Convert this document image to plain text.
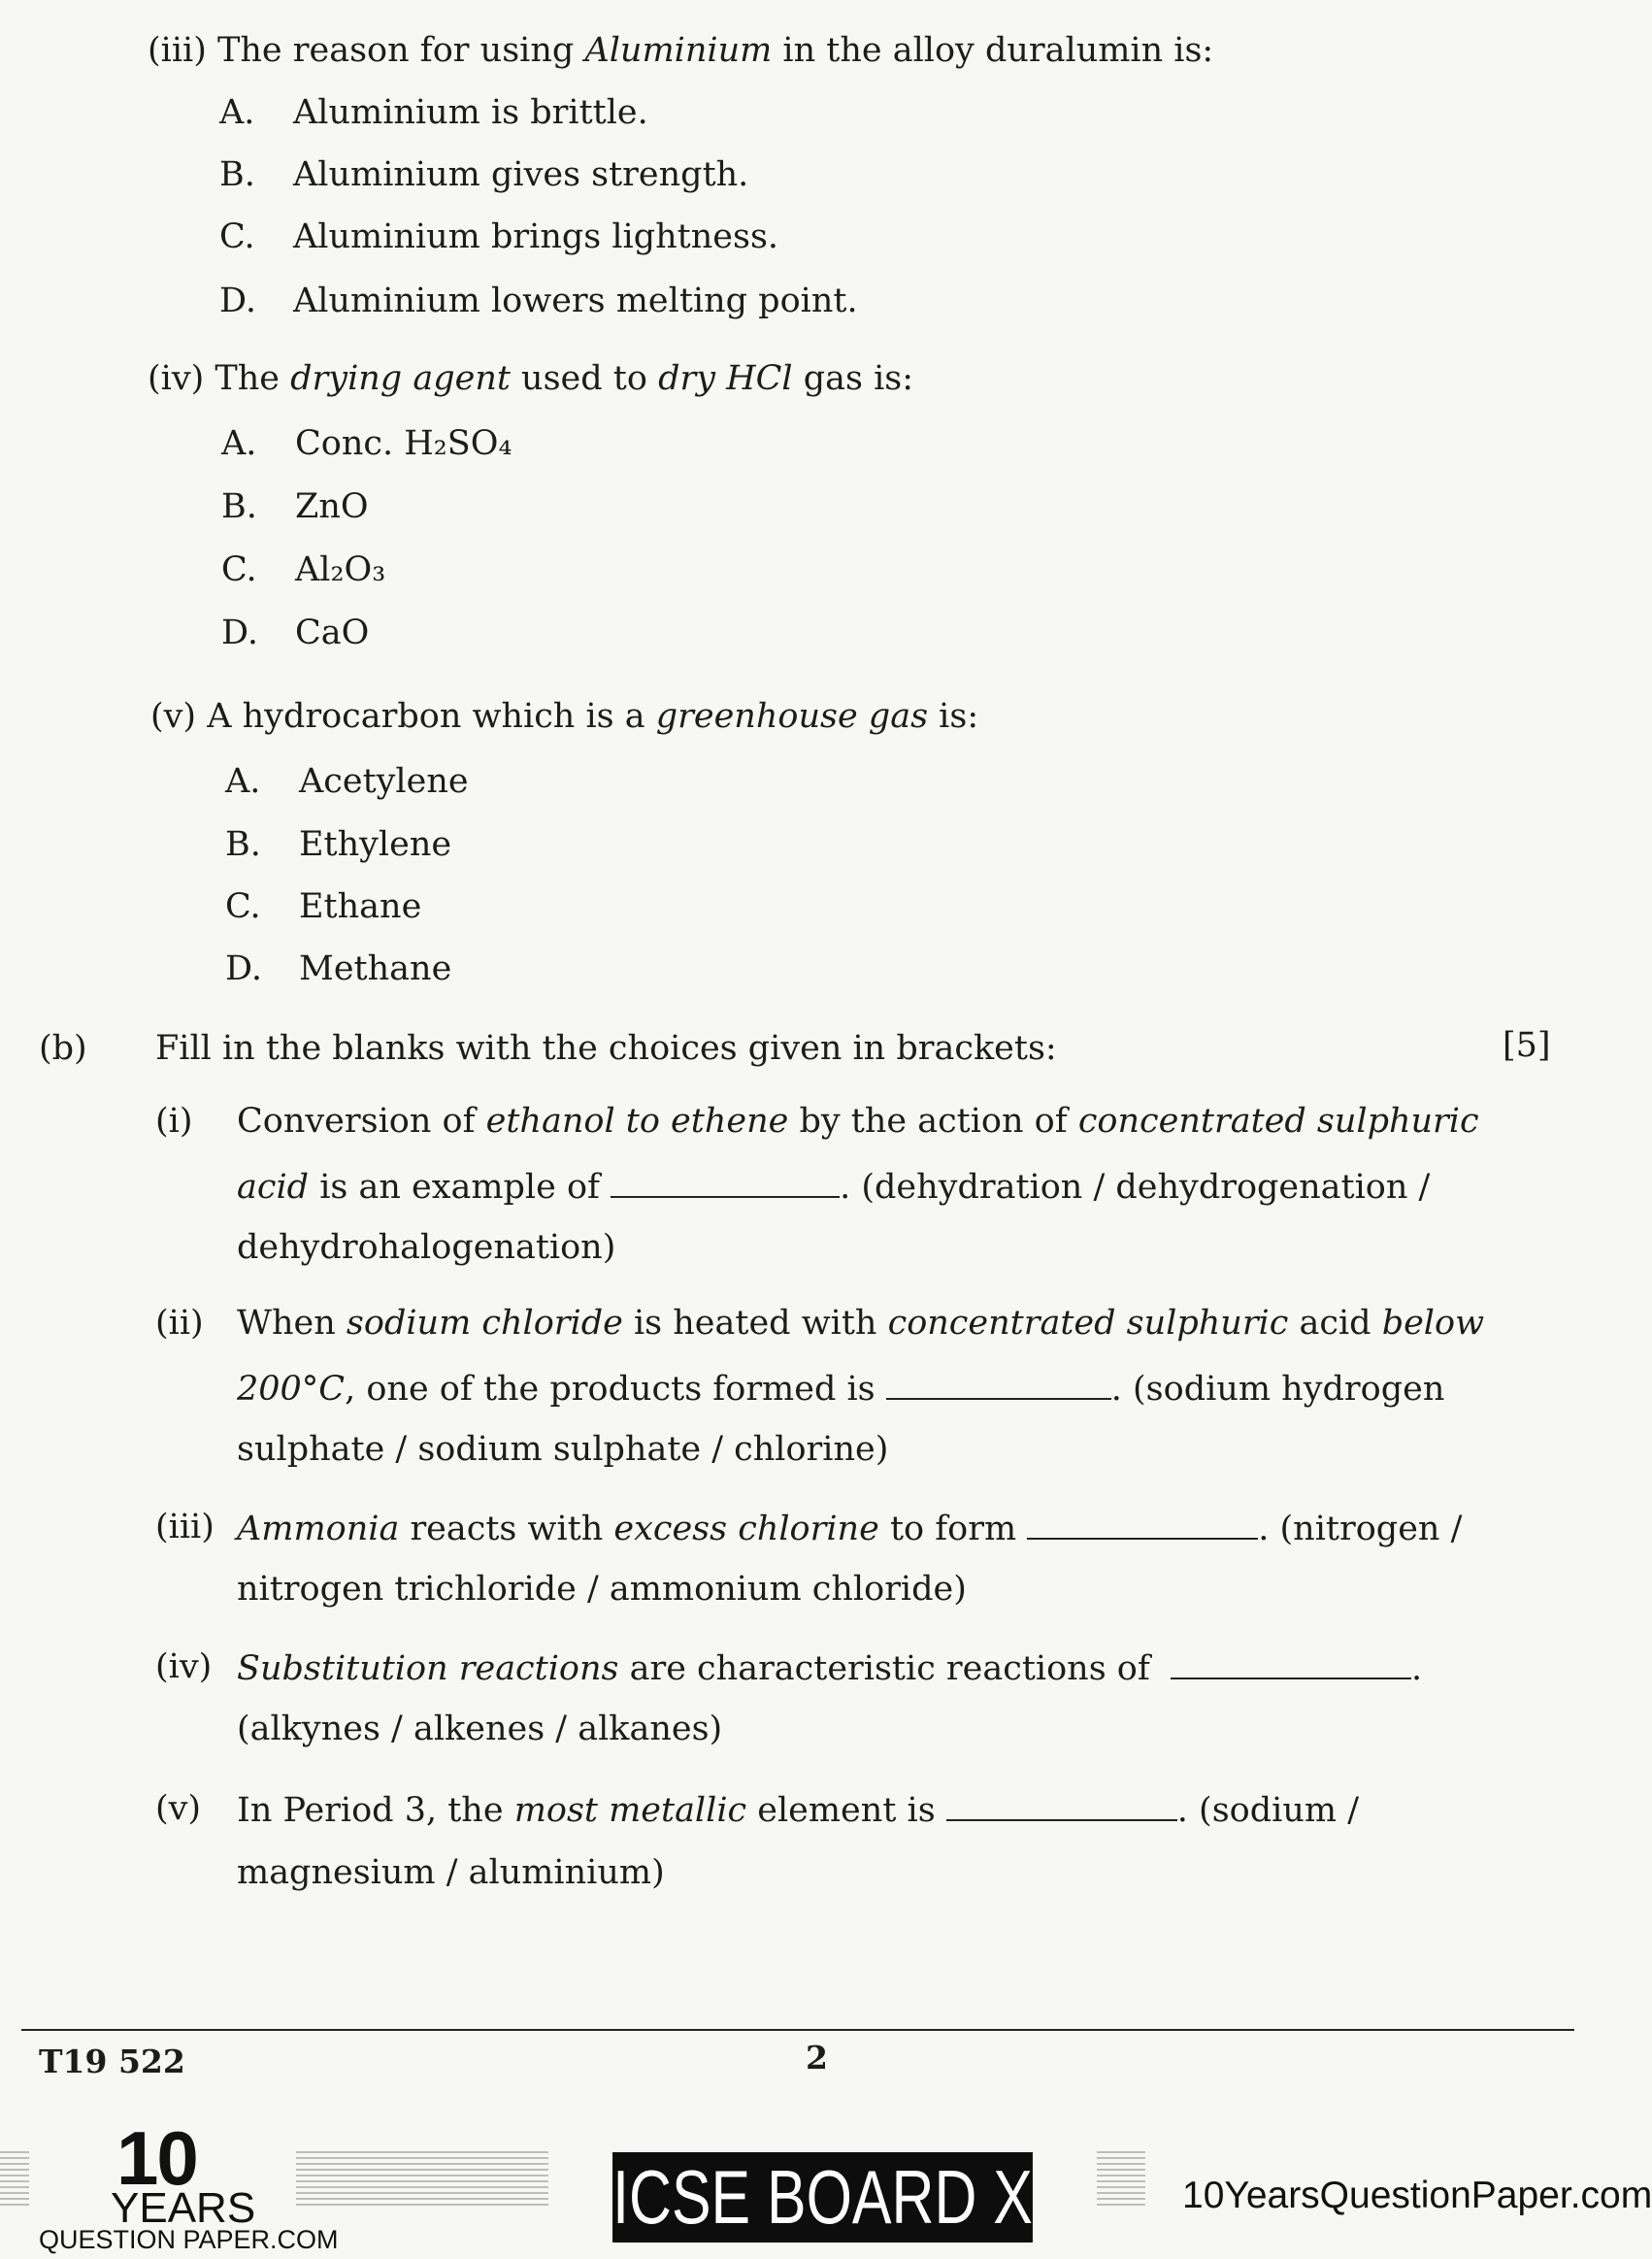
(iii) The reason for using Aluminium in the alloy duralumin is:
A. Aluminium is brittle.
B. Aluminium gives strength.
C. Aluminium brings lightness.
D. Aluminium lowers melting point.
(iv) The drying agent used to dry HCl gas is:
A. Conc. H₂SO₄
B. ZnO
C. Al₂O₃
D. CaO
(v) A hydrocarbon which is a greenhouse gas is:
A. Acetylene
B. Ethylene
C. Ethane
D. Methane
(b) Fill in the blanks with the choices given in brackets:	[5]
(i) Conversion of ethanol to ethene by the action of concentrated sulphuric
acid is an example of	. (dehydration / dehydrogenation /
dehydrohalogenation)
(ii) When sodium chloride is heated with concentrated sulphuric acid below
200°C, one of the products formed is	. (sodium hydrogen
sulphate / sodium sulphate / chlorine)
(iii) Ammonia reacts with excess chlorine to form	. (nitrogen /
nitrogen trichloride / ammonium chloride)
(iv) Substitution reactions are characteristic reactions of	.
(alkynes / alkenes / alkanes)
(v) In Period 3, the most metallic element is	. (sodium /
magnesium / aluminium)
T19 522	2
10
YEARS
QUESTION PAPER.COM	ICSE BOARD X	10YearsQuestionPaper.com
